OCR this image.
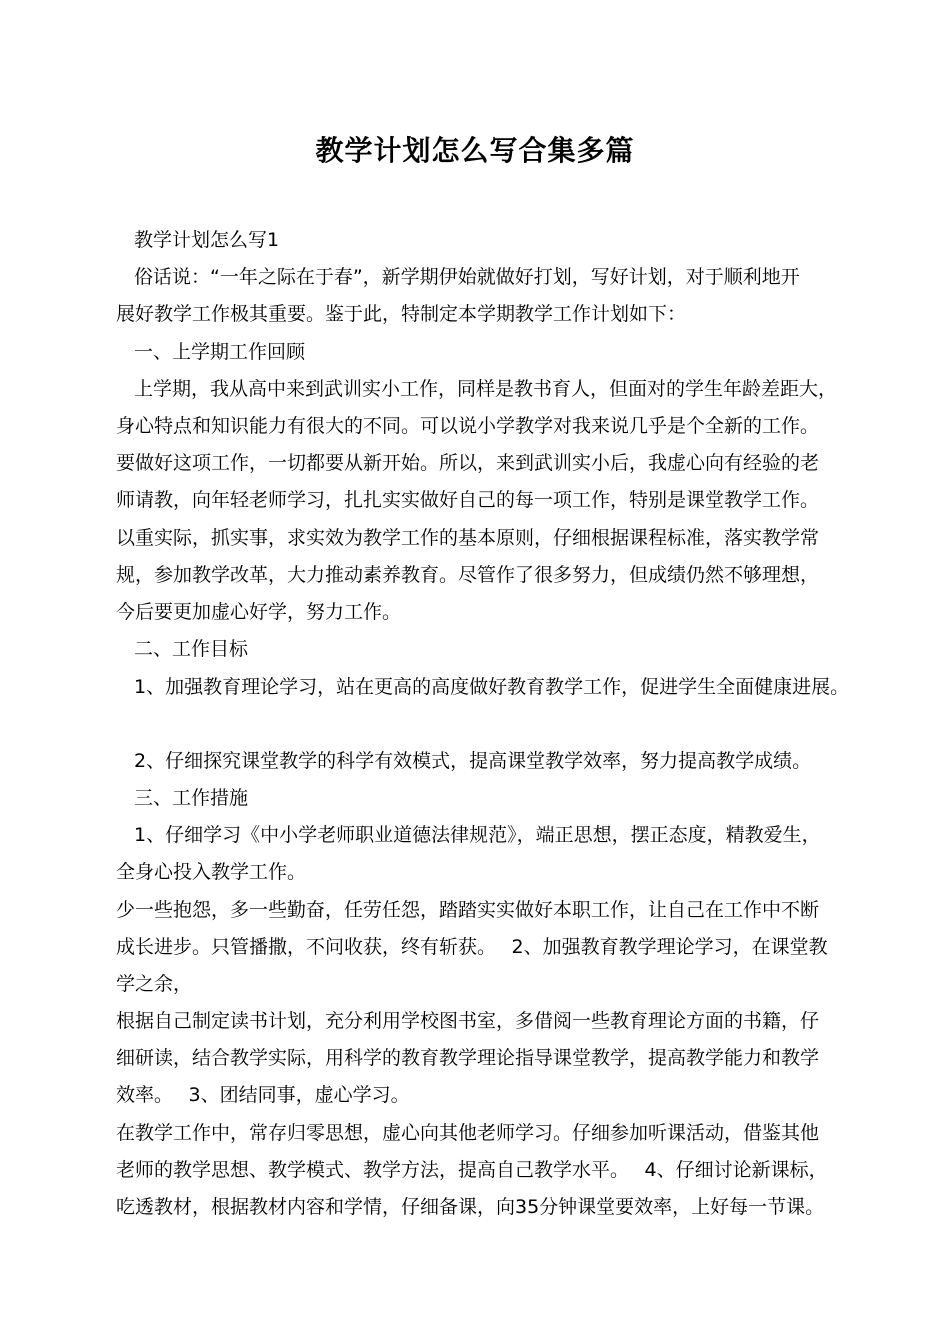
教学计划怎么写合集多篇
教学计划怎么写1
俗话说：“一年之际在于春”，新学期伊始就做好打划，写好计划，对于顺利地开
展好教学工作极其重要。鉴于此，特制定本学期教学工作计划如下：
一、上学期工作回顾
上学期，我从高中来到武训实小工作，同样是教书育人，但面对的学生年龄差距大，
身心特点和知识能力有很大的不同。可以说小学教学对我来说几乎是个全新的工作。
要做好这项工作，一切都要从新开始。所以，来到武训实小后，我虚心向有经验的老
师请教，向年轻老师学习，扎扎实实做好自己的每一项工作，特别是课堂教学工作。
以重实际，抓实事，求实效为教学工作的基本原则，仔细根据课程标准，落实教学常
规，参加教学改革，大力推动素养教育。尽管作了很多努力，但成绩仍然不够理想，
今后要更加虚心好学，努力工作。
二、工作目标
1、加强教育理论学习，站在更高的高度做好教育教学工作，促进学生全面健康进展。
2、仔细探究课堂教学的科学有效模式，提高课堂教学效率，努力提高教学成绩。
三、工作措施
1、仔细学习《中小学老师职业道德法律规范》，端正思想，摆正态度，精教爱生，
全身心投入教学工作。
少一些抱怨，多一些勤奋，任劳任怨，踏踏实实做好本职工作，让自己在工作中不断
成长进步。只管播撒，不问收获，终有斩获。　 2、加强教育教学理论学习，在课堂教
学之余，
根据自己制定读书计划，充分利用学校图书室，多借阅一些教育理论方面的书籍，仔
细研读，结合教学实际，用科学的教育教学理论指导课堂教学，提高教学能力和教学
效率。　 3、团结同事，虚心学习。
在教学工作中，常存归零思想，虚心向其他老师学习。仔细参加听课活动，借鉴其他
老师的教学思想、教学模式、教学方法，提高自己教学水平。　 4、仔细讨论新课标，
吃透教材，根据教材内容和学情，仔细备课，向35分钟课堂要效率，上好每一节课。
